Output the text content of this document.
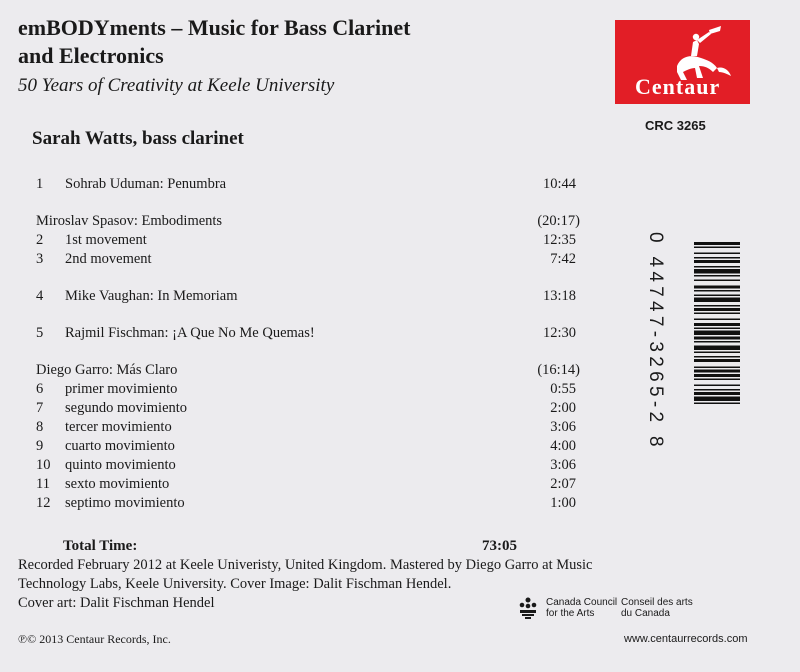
emBODYments – Music for Bass Clarinet
and Electronics
50 Years of Creativity at Keele University
Sarah Watts, bass clarinet
Centaur
CRC 3265
0 44747-3265-2 8
1 Sohrab Uduman: Penumbra	10:44
Miroslav Spasov: Embodiments	(20:17)
2 1st movement	12:35
3 2nd movement	7:42
4 Mike Vaughan: In Memoriam	13:18
5 Rajmil Fischman: ¡A Que No Me Quemas!	12:30
Diego Garro: Más Claro	(16:14)
6 primer movimiento	0:55
7 segundo movimiento	2:00
8 tercer movimiento	3:06
9 cuarto movimiento	4:00
10 quinto movimiento	3:06
11 sexto movimiento	2:07
12 septimo movimiento	1:00
Total Time:	73:05
Recorded February 2012 at Keele Univeristy, United Kingdom. Mastered by Diego Garro at Music
Technology Labs, Keele University. Cover Image: Dalit Fischman Hendel.
Cover art: Dalit Fischman Hendel	Canada Council
for the Arts
Conseil des arts
du Canada
℗© 2013 Centaur Records, Inc.	www.centaurrecords.com
